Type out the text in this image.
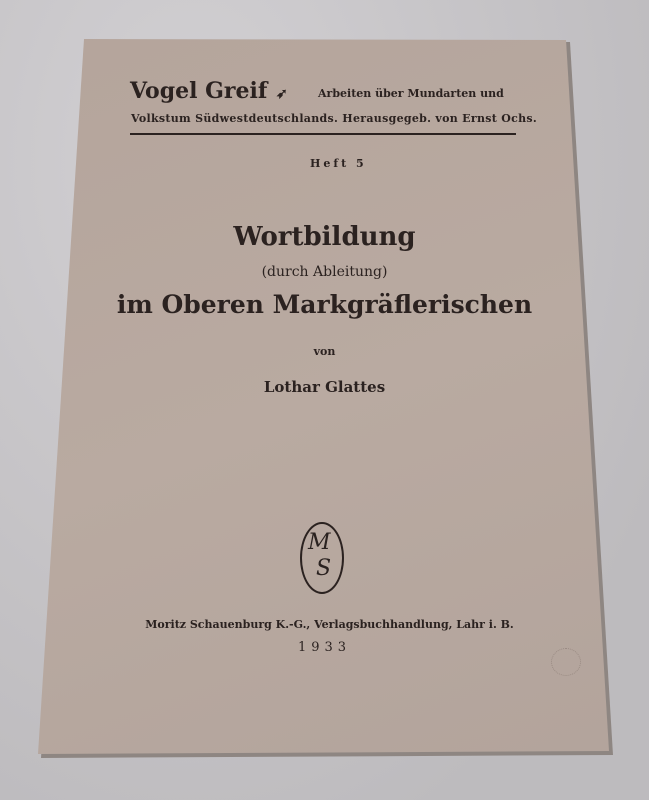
Vogel Greif ➶	Arbeiten über Mundarten und
Volkstum Südwestdeutschlands. Herausgegeb. von Ernst Ochs.
Heft 5
Wortbildung
(durch Ableitung)
im Oberen Markgräflerischen
von
Lothar Glattes
M
S
Moritz Schauenburg K.-G., Verlagsbuchhandlung, Lahr i. B.
1933
